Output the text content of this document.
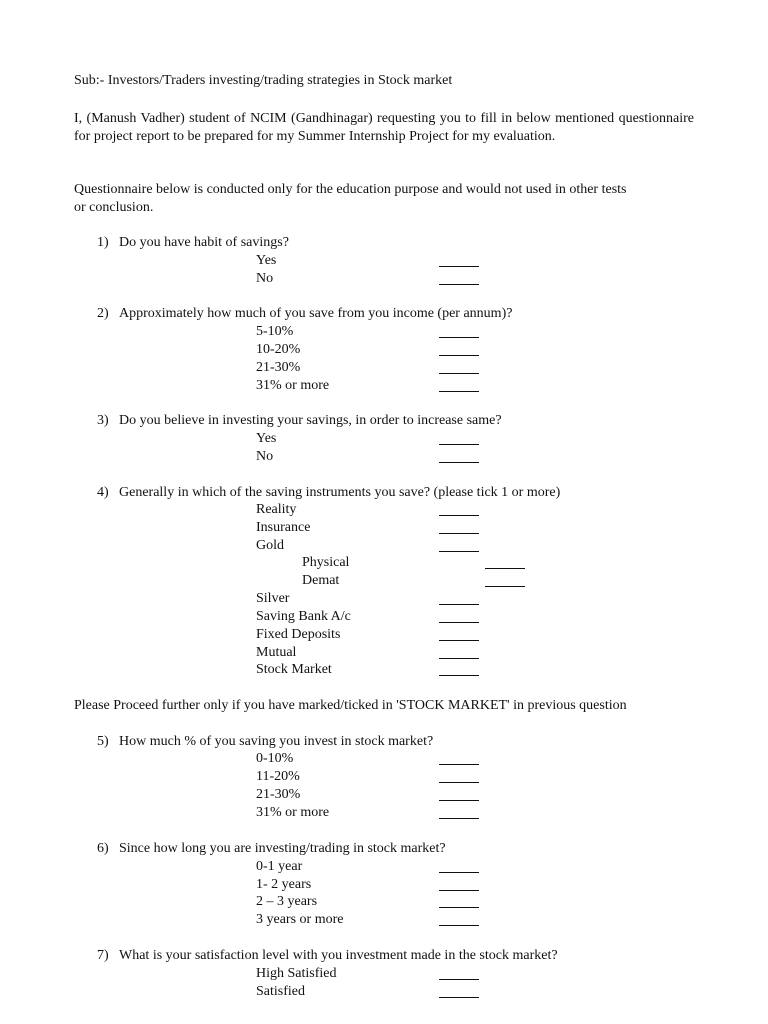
Sub:- Investors/Traders investing/trading strategies in Stock market
I, (Manush Vadher) student of NCIM (Gandhinagar) requesting you to fill in below mentioned questionnaire for project report to be prepared for my Summer Internship Project for my evaluation.
Questionnaire below is conducted only for the education purpose and would not used in other tests
or conclusion.
1) Do you have habit of savings?
Yes
No
2) Approximately how much of you save from you income (per annum)?
5-10%
10-20%
21-30%
31% or more
3) Do you believe in investing your savings, in order to increase same?
Yes
No
4) Generally in which of the saving instruments you save? (please tick 1 or more)
Reality
Insurance
Gold
Physical
Demat
Silver
Saving Bank A/c
Fixed Deposits
Mutual
Stock Market
Please Proceed further only if you have marked/ticked in 'STOCK MARKET' in previous question
5) How much % of you saving you invest in stock market?
0-10%
11-20%
21-30%
31% or more
6) Since how long you are investing/trading in stock market?
0-1 year
1- 2 years
2 – 3 years
3 years or more
7) What is your satisfaction level with you investment made in the stock market?
High Satisfied
Satisfied
